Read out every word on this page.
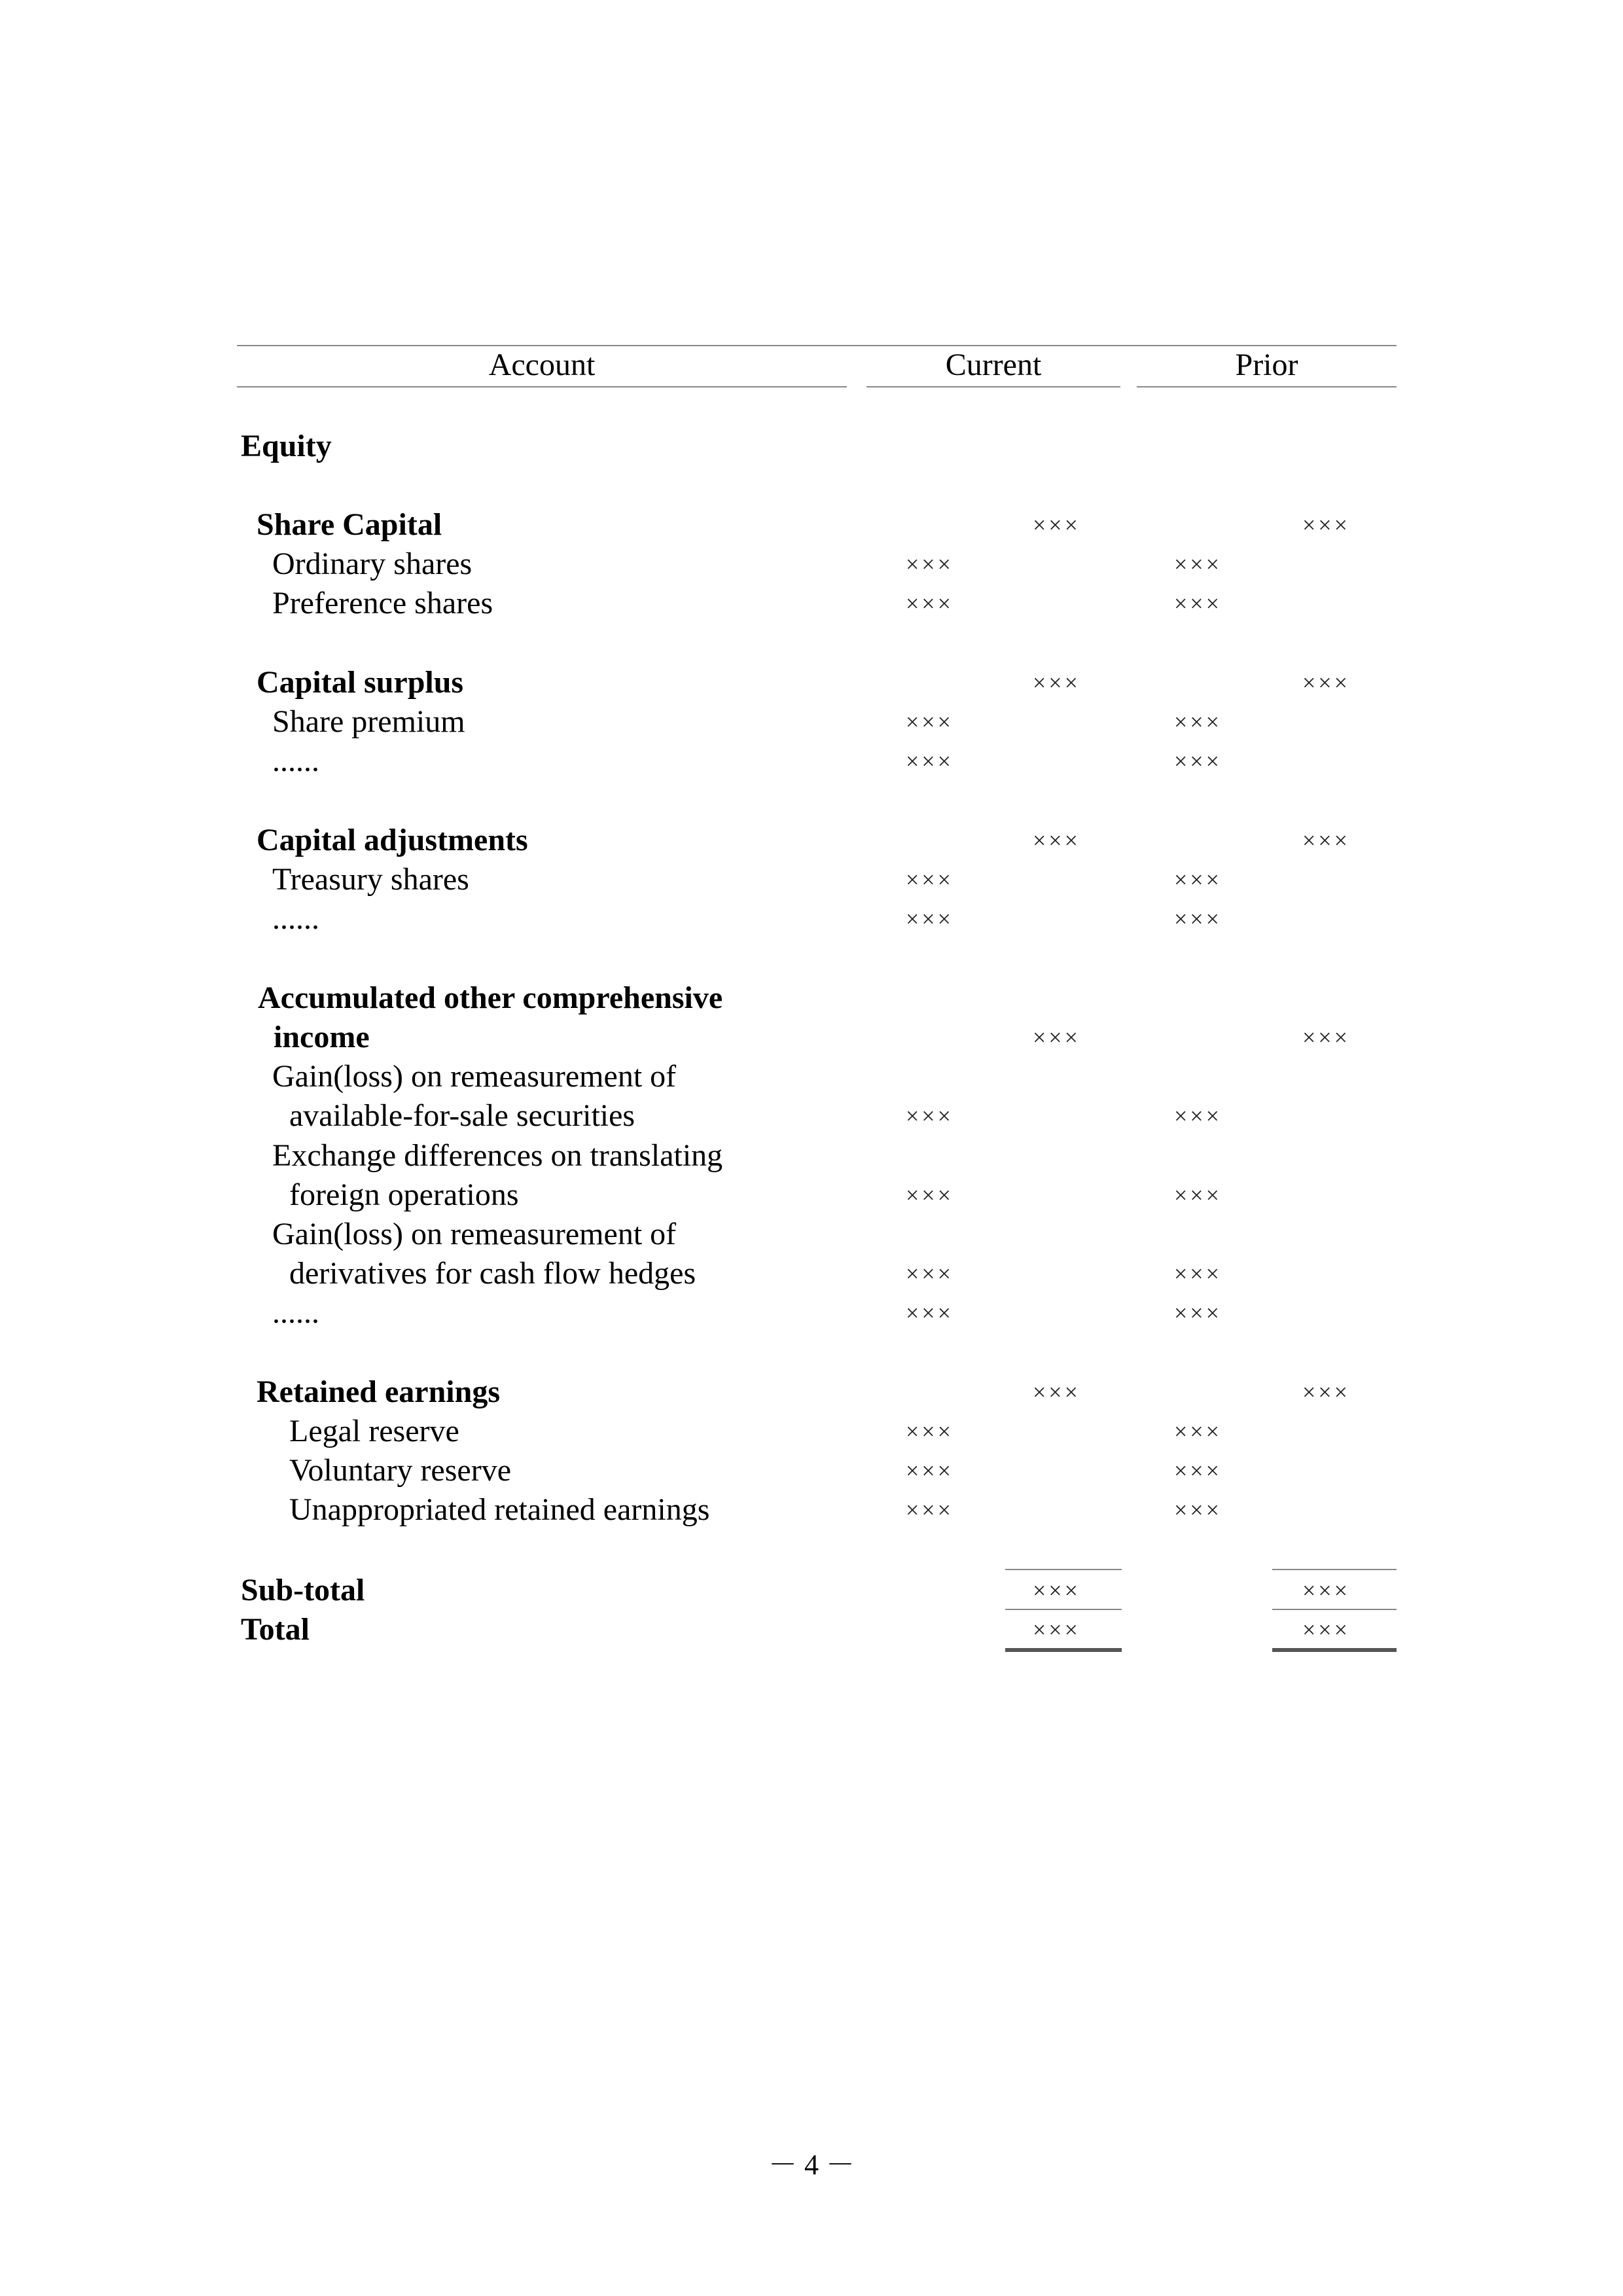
Account	Current	Prior
Equity
Share Capital	×××	×××
Ordinary shares	×××	×××
Preference shares	×××	×××
Capital surplus	×××	×××
Share premium	×××	×××
......	×××	×××
Capital adjustments	×××	×××
Treasury shares	×××	×××
......	×××	×××
Accumulated other comprehensive
income	×××	×××
Gain(loss) on remeasurement of
available-for-sale securities	×××	×××
Exchange differences on translating
foreign operations	×××	×××
Gain(loss) on remeasurement of
derivatives for cash flow hedges	×××	×××
......	×××	×××
Retained earnings	×××	×××
Legal reserve	×××	×××
Voluntary reserve	×××	×××
Unappropriated retained earnings	×××	×××
Sub-total	×××	×××
Total	×××	×××
－ 4 －
